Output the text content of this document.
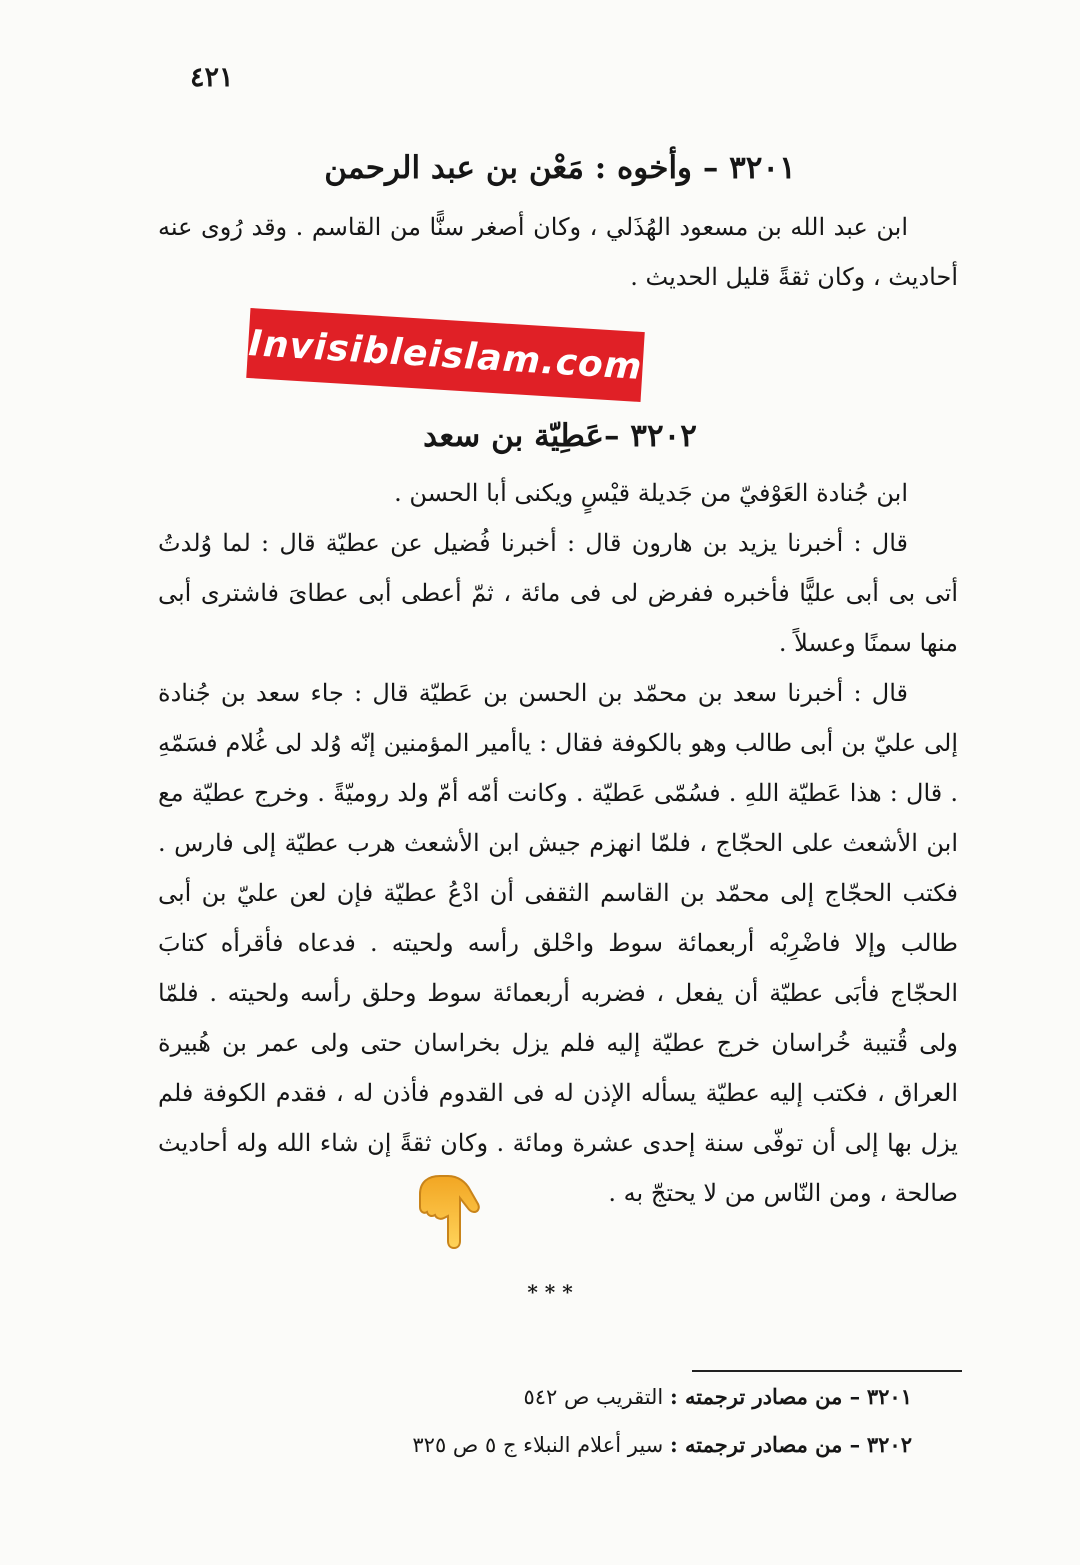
٤٢١
٣٢٠١ – وأخوه : مَعْن بن عبد الرحمن

ابن عبد الله بن مسعود الهُذَلي ، وكان أصغر سنًّا من القاسم . وقد رُوى عنه أحاديث ، وكان ثقةً قليل الحديث .

Invisibleislam.com
٣٢٠٢ –عَطِيّة بن سعد

ابن جُنادة العَوْفيّ من جَديلة قيْسٍ ويكنى أبا الحسن .

قال : أخبرنا يزيد بن هارون قال : أخبرنا فُضيل عن عطيّة قال : لما وُلدتُ أتى بى أبى عليًّا فأخبره ففرض لى فى مائة ، ثمّ أعطى أبى عطاىَ فاشترى أبى منها سمنًا وعسلاً .

قال : أخبرنا سعد بن محمّد بن الحسن بن عَطيّة قال : جاء سعد بن جُنادة إلى عليّ بن أبى طالب وهو بالكوفة فقال : ياأمير المؤمنين إنّه وُلد لى غُلام فسَمّهِ . قال : هذا عَطيّة اللهِ . فسُمّى عَطيّة . وكانت أمّه أمّ ولد روميّةً . وخرج عطيّة مع ابن الأشعث على الحجّاج ، فلمّا انهزم جيش ابن الأشعث هرب عطيّة إلى فارس . فكتب الحجّاج إلى محمّد بن القاسم الثقفى أن ادْعُ عطيّة فإن لعن عليّ بن أبى طالب وإلا فاضْرِبْه أربعمائة سوط واحْلق رأسه ولحيته . فدعاه فأقرأه كتابَ الحجّاج فأبَى عطيّة أن يفعل ، فضربه أربعمائة سوط وحلق رأسه ولحيته . فلمّا ولى قُتيبة خُراسان خرج عطيّة إليه فلم يزل بخراسان حتى ولى عمر بن هُبيرة العراق ، فكتب إليه عطيّة يسأله الإذن له فى القدوم فأذن له ، فقدم الكوفة فلم يزل بها إلى أن توفّى سنة إحدى عشرة ومائة . وكان ثقةً إن شاء الله وله أحاديث صالحة ، ومن النّاس من لا يحتجّ به .

* * *
٣٢٠١ – من مصادر ترجمته : التقريب ص ٥٤٢
٣٢٠٢ – من مصادر ترجمته : سير أعلام النبلاء ج ٥ ص ٣٢٥
